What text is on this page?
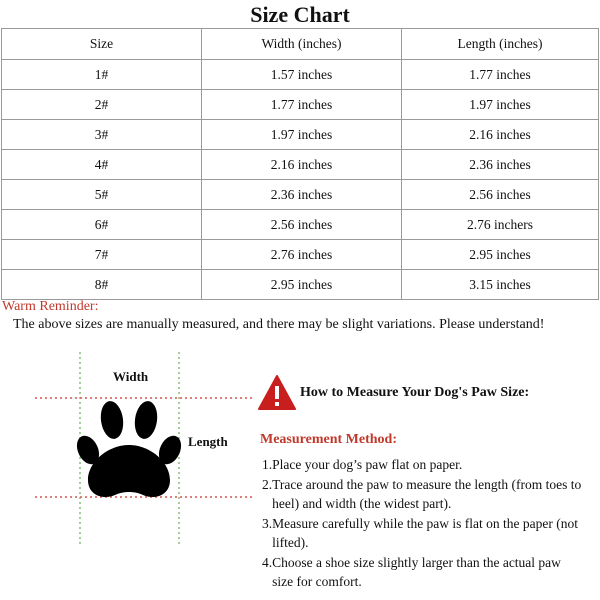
Size Chart
Size	Width (inches)	Length (inches)
1#	1.57 inches	1.77 inches
2#	1.77 inches	1.97 inches
3#	1.97 inches	2.16 inches
4#	2.16 inches	2.36 inches
5#	2.36 inches	2.56 inches
6#	2.56 inches	2.76 inchers
7#	2.76 inches	2.95 inches
8#	2.95 inches	3.15 inches
Warm Reminder:
The above sizes are manually measured, and there may be slight variations. Please understand!
Width
Length
How to Measure Your Dog's Paw Size:
Measurement Method:
1. Place your dog’s paw flat on paper.
2. Trace around the paw to measure the length (from toes to heel) and width (the widest part).
3. Measure carefully while the paw is flat on the paper (not lifted).
4. Choose a shoe size slightly larger than the actual paw size for comfort.
